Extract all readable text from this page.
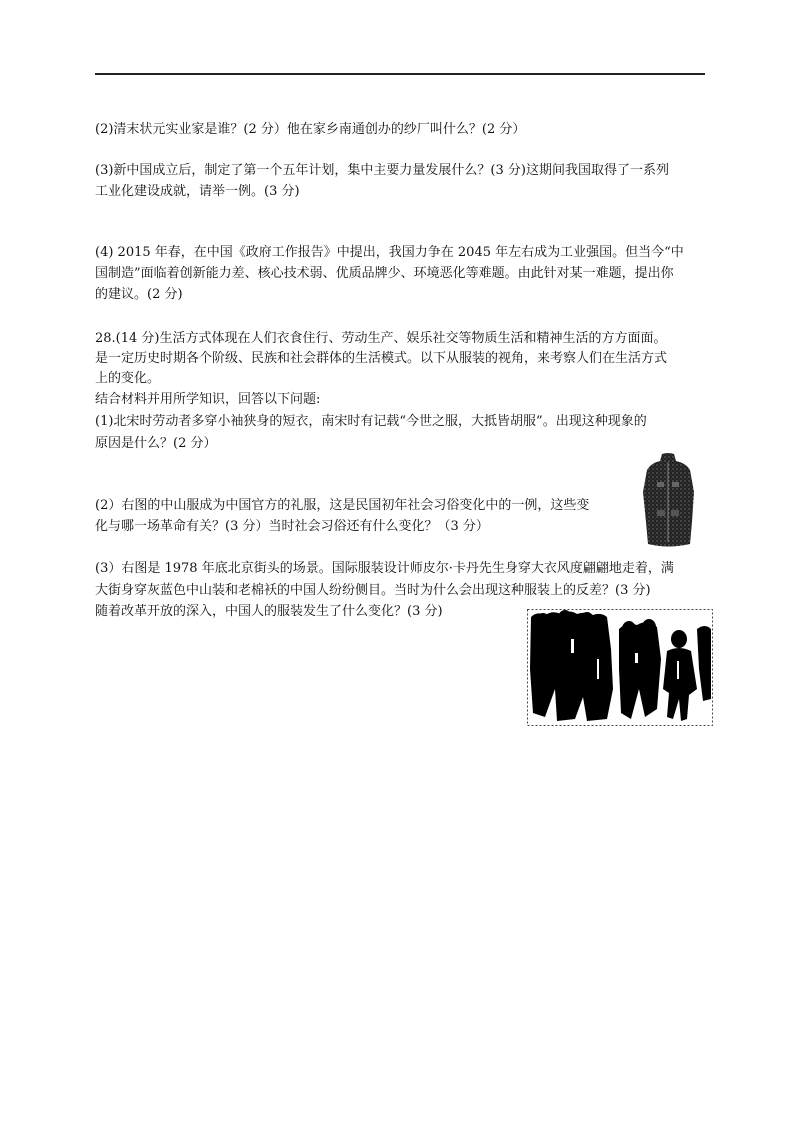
(2)清末状元实业家是谁？(2 分）他在家乡南通创办的纱厂叫什么？(2 分）
(3)新中国成立后，制定了第一个五年计划，集中主要力量发展什么？(3 分)这期间我国取得了一系列
工业化建设成就，请举一例。(3 分)
(4) 2015 年春，在中国《政府工作报告》中提出，我国力争在 2045 年左右成为工业强国。但当今“中
国制造”面临着创新能力差、核心技术弱、优质品牌少、环境恶化等难题。由此针对某一难题，提出你
的建议。(2 分)
28.(14 分)生活方式体现在人们衣食住行、劳动生产、娱乐社交等物质生活和精神生活的方方面面。
是一定历史时期各个阶级、民族和社会群体的生活模式。以下从服装的视角，来考察人们在生活方式
上的变化。
结合材料并用所学知识，回答以下问题:
(1)北宋时劳动者多穿小袖狭身的短衣，南宋时有记载“今世之服，大抵皆胡服”。出现这种现象的
原因是什么？(2 分）
(2）右图的中山服成为中国官方的礼服，这是民国初年社会习俗变化中的一例，这些变
化与哪一场革命有关？(3 分）当时社会习俗还有什么变化？（3 分）
(3）右图是 1978 年底北京街头的场景。国际服装设计师皮尔·卡丹先生身穿大衣风度翩翩地走着，满
大街身穿灰蓝色中山装和老棉袄的中国人纷纷侧目。当时为什么会出现这种服装上的反差？(3 分)
随着改革开放的深入，中国人的服装发生了什么变化？(3 分)
